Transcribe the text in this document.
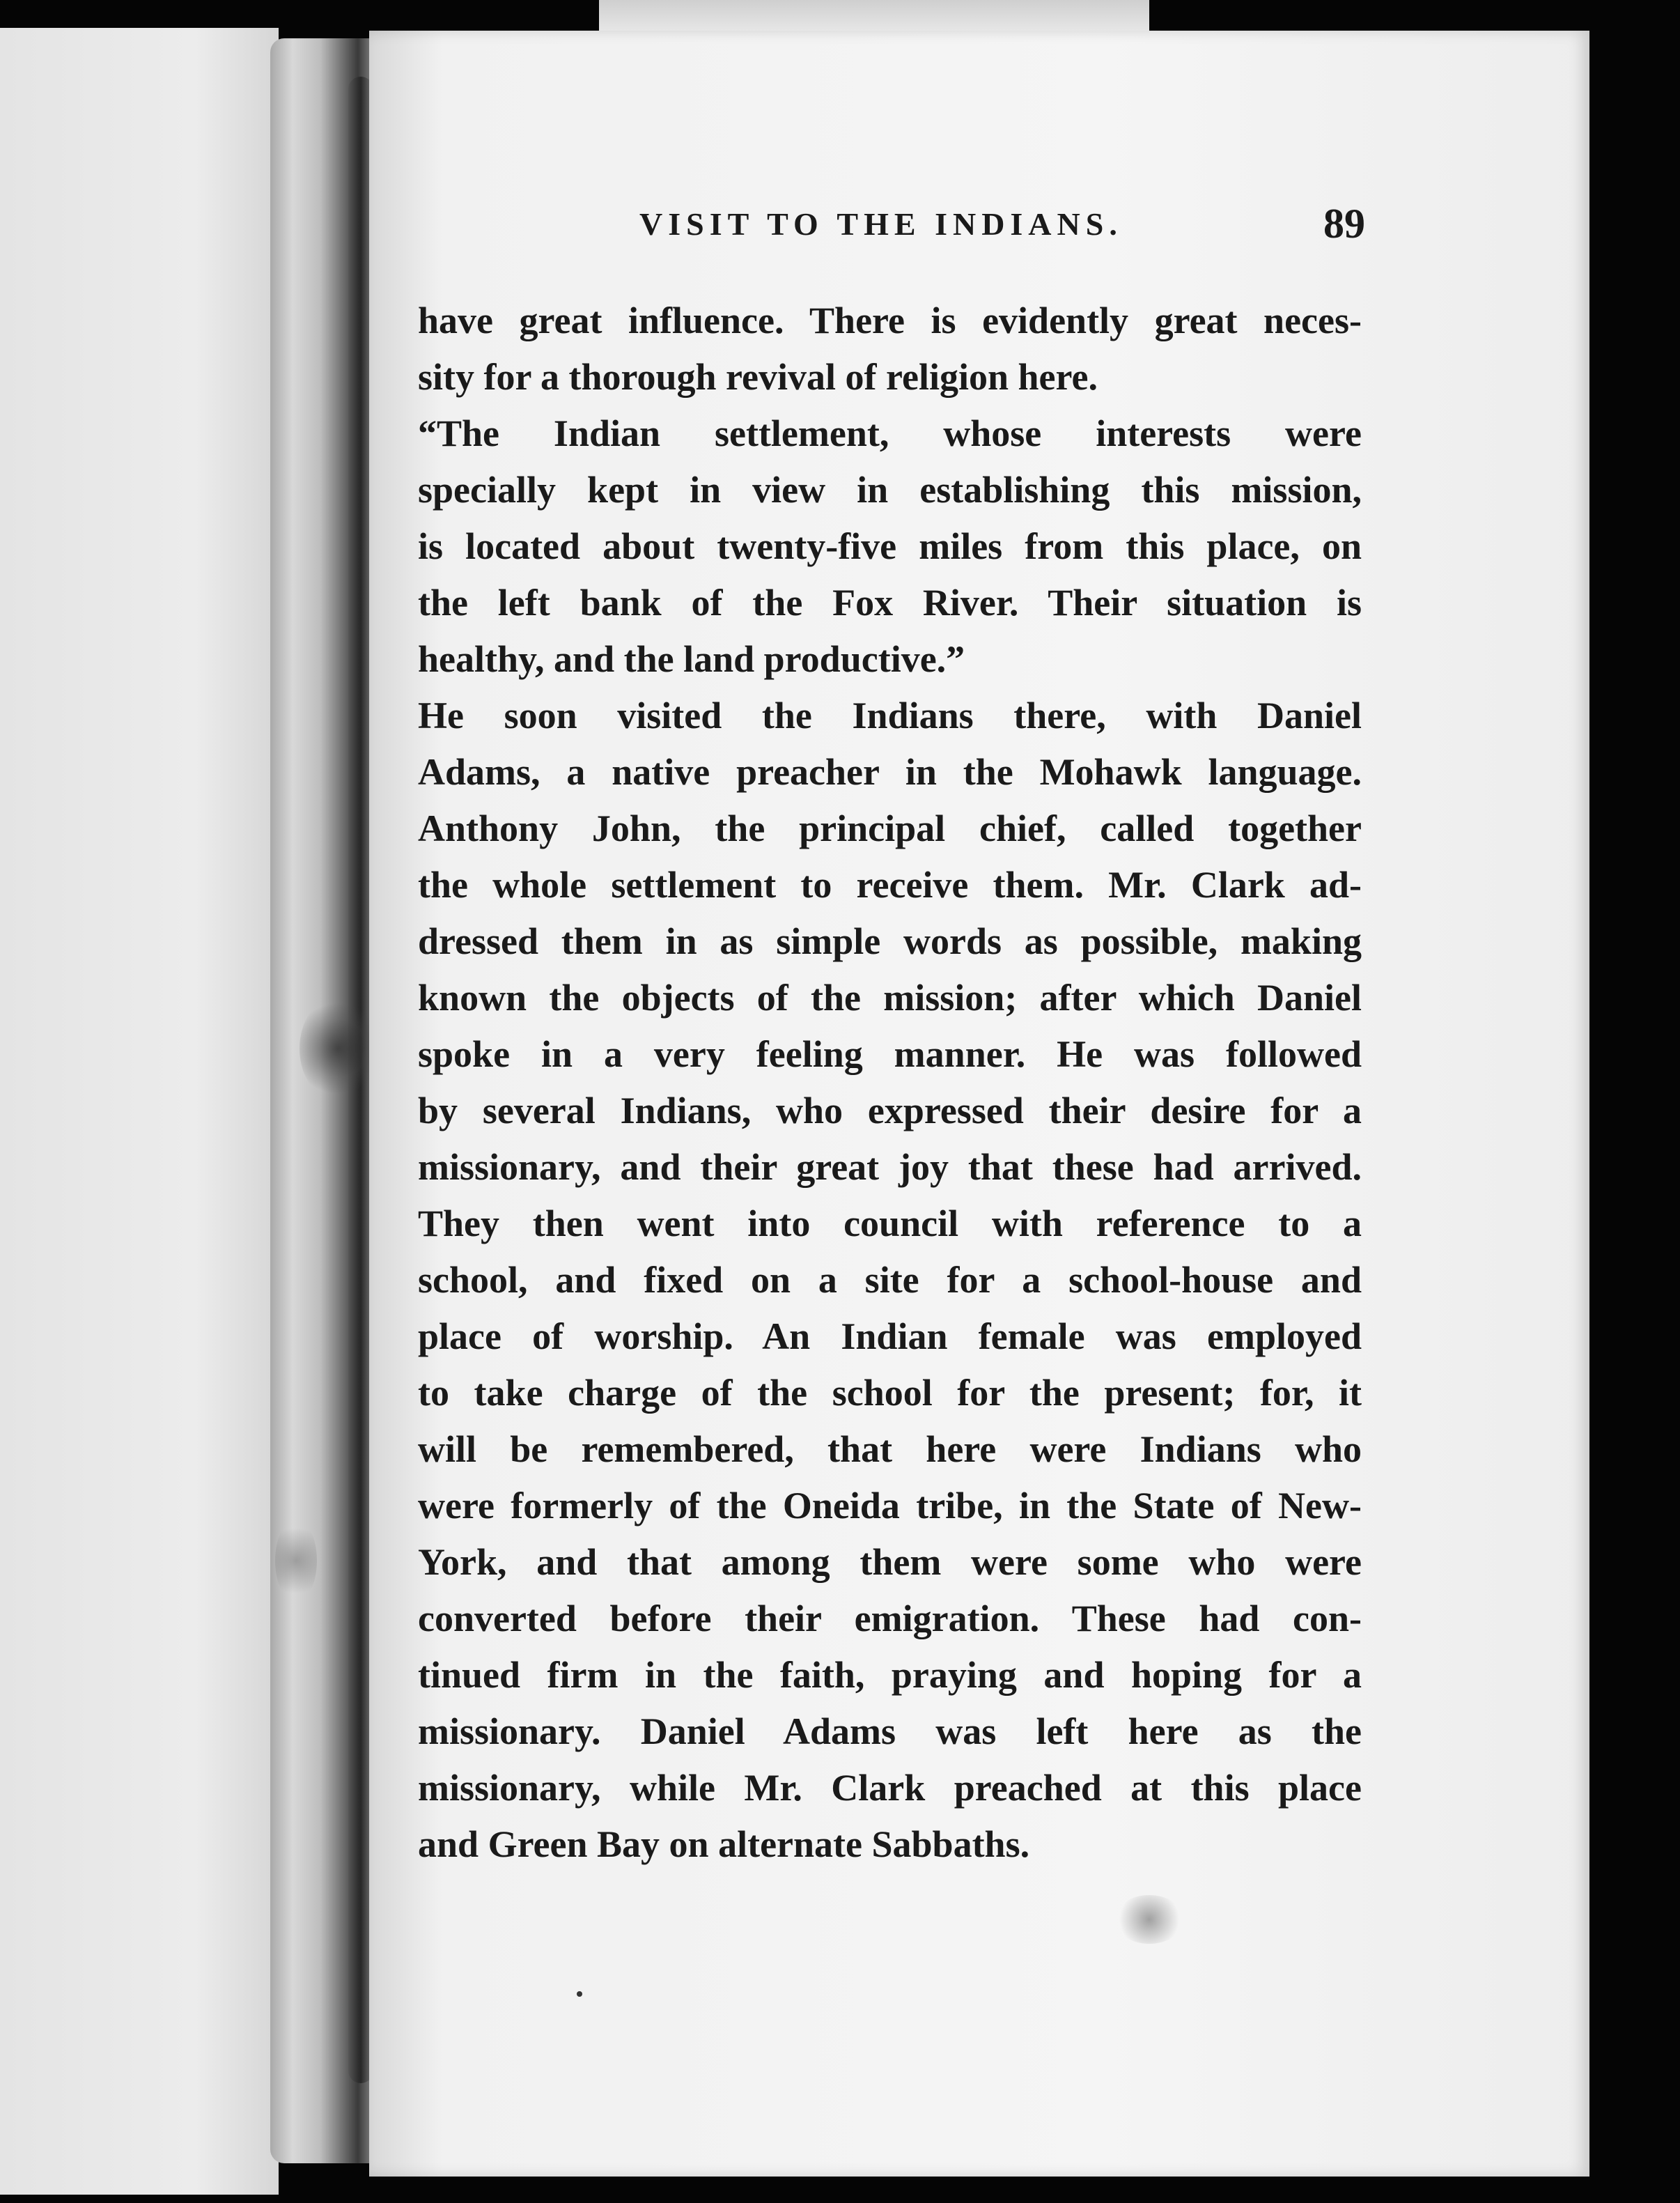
VISIT TO THE INDIANS.	89
have great influence. There is evidently great neces-
sity for a thorough revival of religion here.
“The Indian settlement, whose interests were
specially kept in view in establishing this mission,
is located about twenty-five miles from this place, on
the left bank of the Fox River. Their situation is
healthy, and the land productive.”
He soon visited the Indians there, with Daniel
Adams, a native preacher in the Mohawk language.
Anthony John, the principal chief, called together
the whole settlement to receive them. Mr. Clark ad-
dressed them in as simple words as possible, making
known the objects of the mission; after which Daniel
spoke in a very feeling manner. He was followed
by several Indians, who expressed their desire for a
missionary, and their great joy that these had arrived.
They then went into council with reference to a
school, and fixed on a site for a school-house and
place of worship. An Indian female was employed
to take charge of the school for the present; for, it
will be remembered, that here were Indians who
were formerly of the Oneida tribe, in the State of New-
York, and that among them were some who were
converted before their emigration. These had con-
tinued firm in the faith, praying and hoping for a
missionary. Daniel Adams was left here as the
missionary, while Mr. Clark preached at this place
and Green Bay on alternate Sabbaths.
